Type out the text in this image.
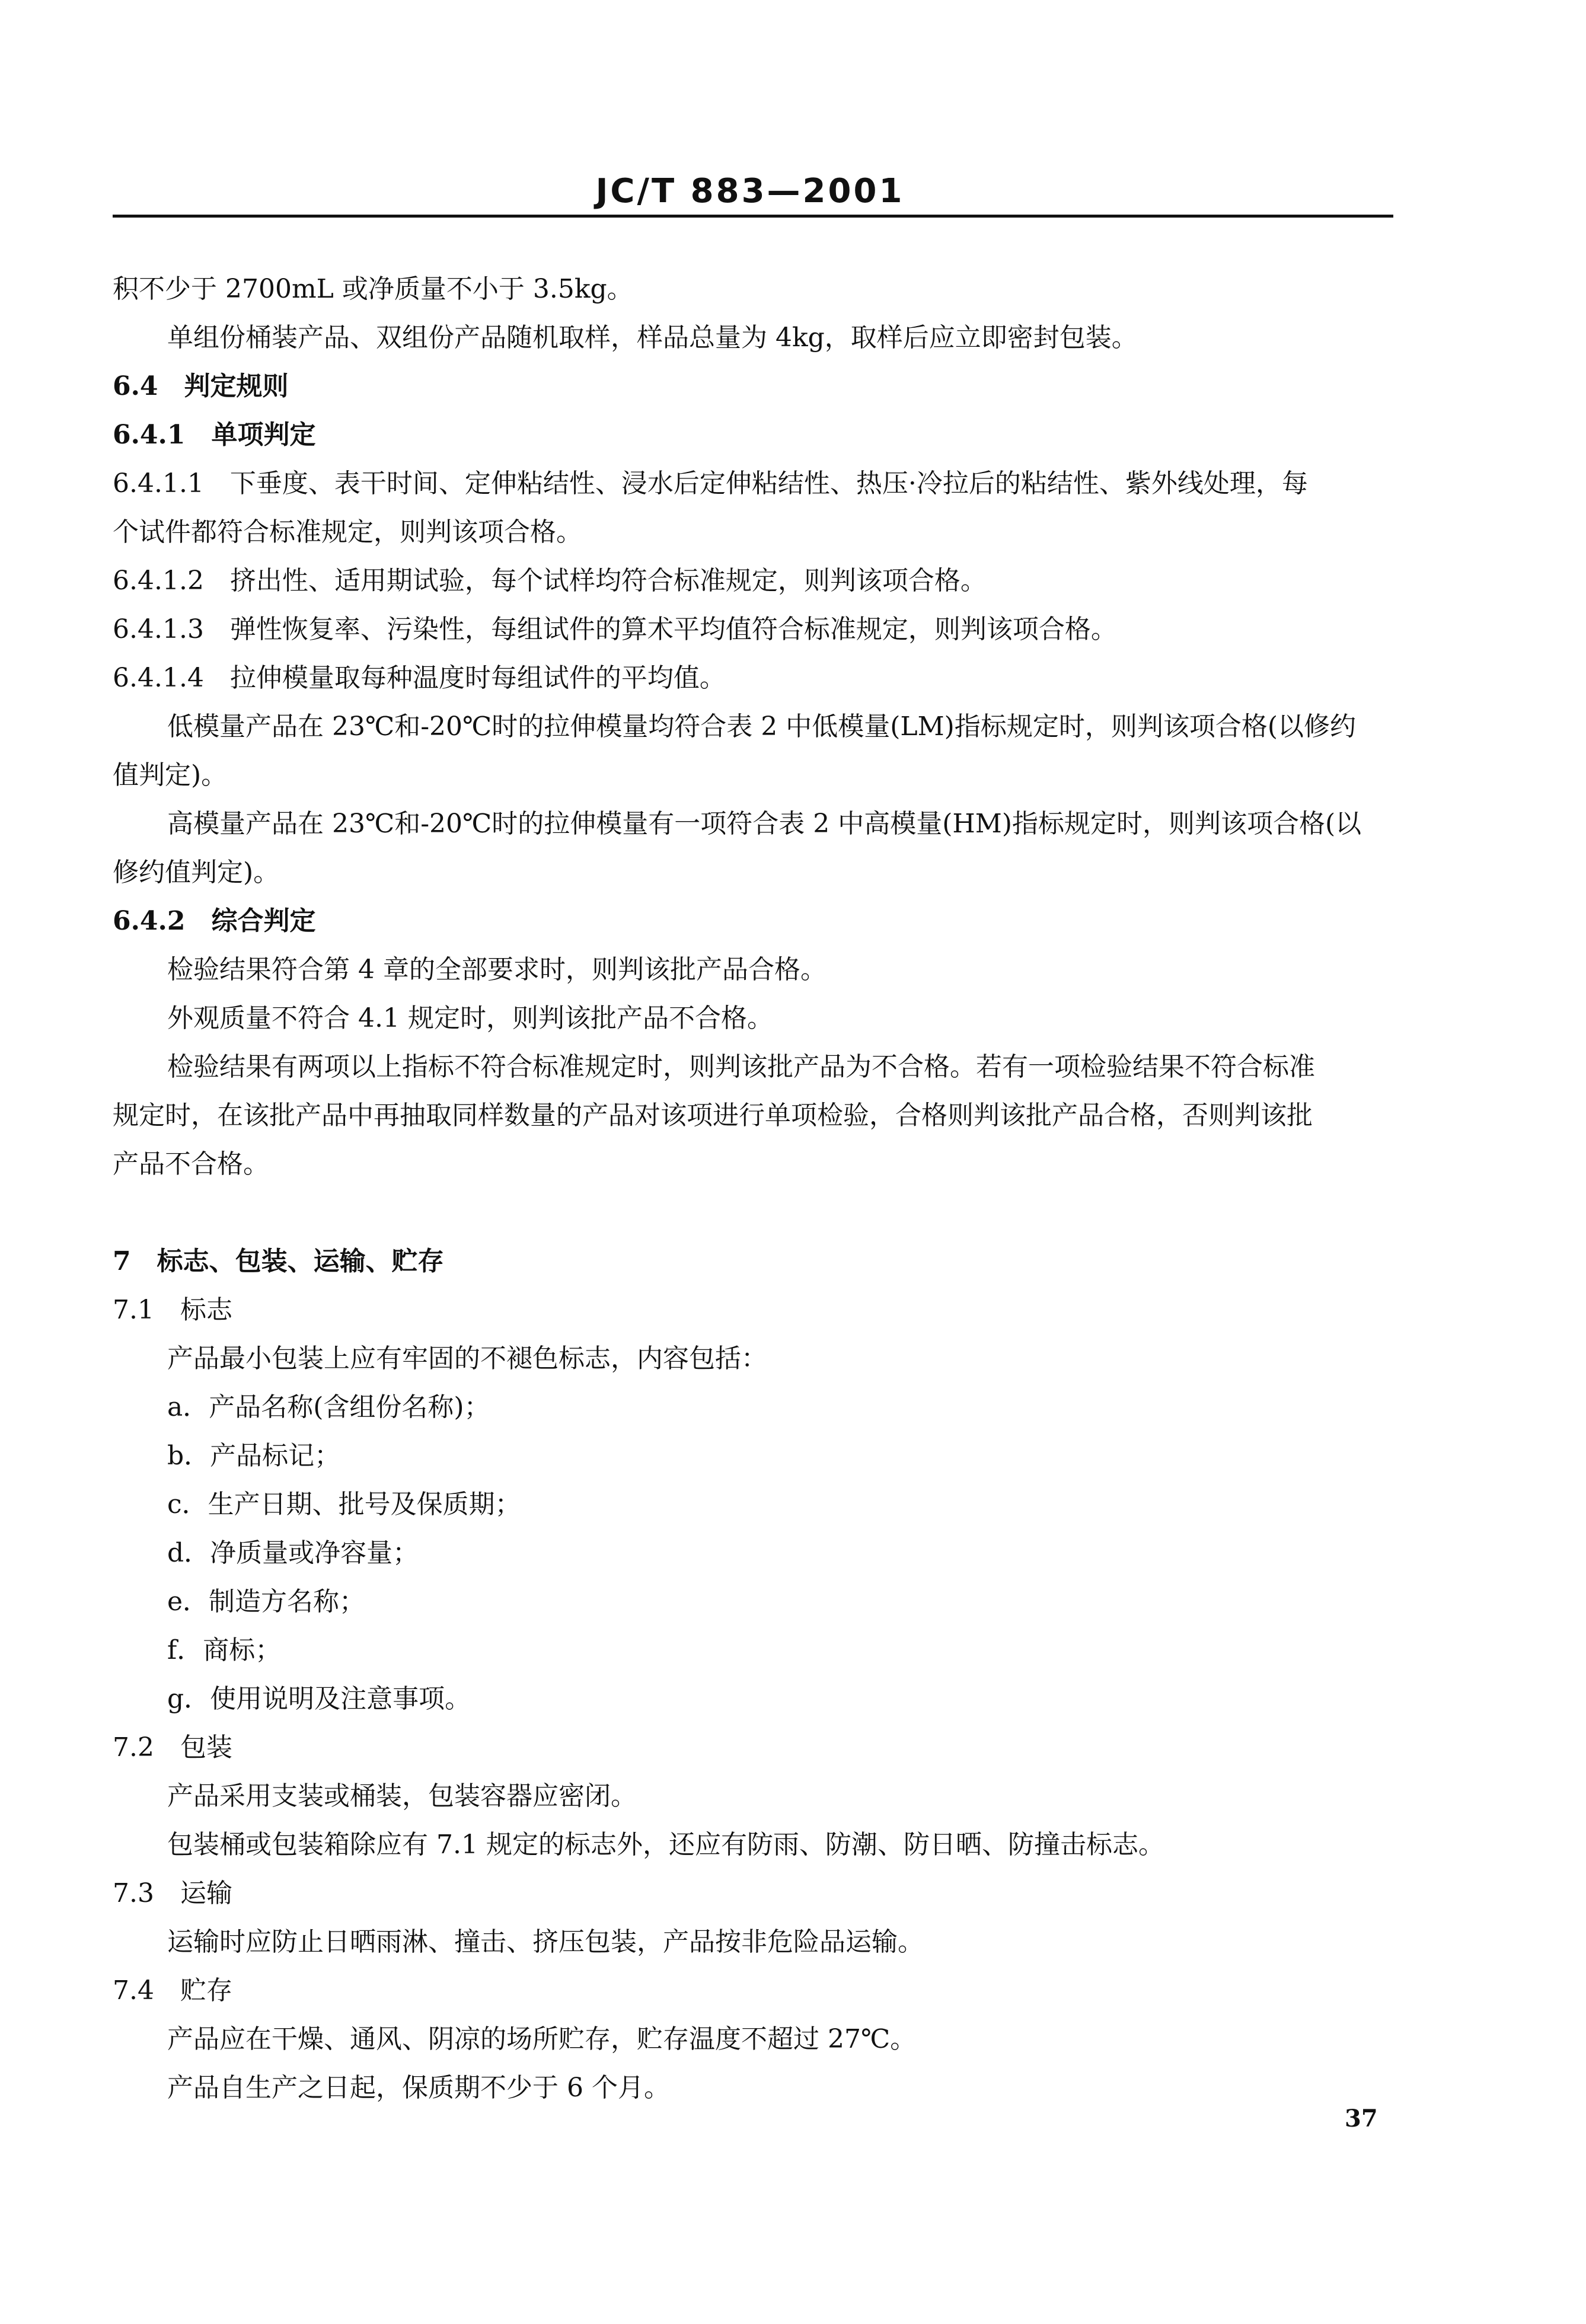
JC/T 883—2001
积不少于 2700mL 或净质量不小于 3.5kg。
单组份桶装产品、双组份产品随机取样，样品总量为 4kg，取样后应立即密封包装。
6.4　判定规则
6.4.1　单项判定
6.4.1.1　下垂度、表干时间、定伸粘结性、浸水后定伸粘结性、热压·冷拉后的粘结性、紫外线处理，每
个试件都符合标准规定，则判该项合格。
6.4.1.2　挤出性、适用期试验，每个试样均符合标准规定，则判该项合格。
6.4.1.3　弹性恢复率、污染性，每组试件的算术平均值符合标准规定，则判该项合格。
6.4.1.4　拉伸模量取每种温度时每组试件的平均值。
低模量产品在 23℃和-20℃时的拉伸模量均符合表 2 中低模量(LM)指标规定时，则判该项合格(以修约
值判定)。
高模量产品在 23℃和-20℃时的拉伸模量有一项符合表 2 中高模量(HM)指标规定时，则判该项合格(以
修约值判定)。
6.4.2　综合判定
检验结果符合第 4 章的全部要求时，则判该批产品合格。
外观质量不符合 4.1 规定时，则判该批产品不合格。
检验结果有两项以上指标不符合标准规定时，则判该批产品为不合格。若有一项检验结果不符合标准
规定时，在该批产品中再抽取同样数量的产品对该项进行单项检验，合格则判该批产品合格，否则判该批
产品不合格。
7　标志、包装、运输、贮存
7.1　标志
产品最小包装上应有牢固的不褪色标志，内容包括：
a．产品名称(含组份名称)；
b．产品标记；
c．生产日期、批号及保质期；
d．净质量或净容量；
e．制造方名称；
f．商标；
g．使用说明及注意事项。
7.2　包装
产品采用支装或桶装，包装容器应密闭。
包装桶或包装箱除应有 7.1 规定的标志外，还应有防雨、防潮、防日晒、防撞击标志。
7.3　运输
运输时应防止日晒雨淋、撞击、挤压包装，产品按非危险品运输。
7.4　贮存
产品应在干燥、通风、阴凉的场所贮存，贮存温度不超过 27℃。
产品自生产之日起，保质期不少于 6 个月。
37
